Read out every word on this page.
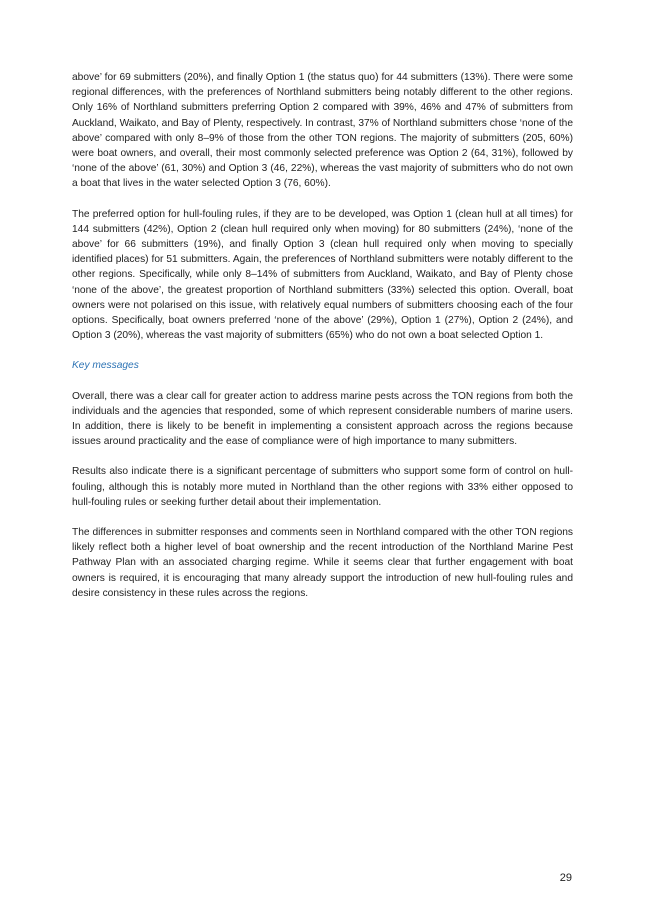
above’ for 69 submitters (20%), and finally Option 1 (the status quo) for 44 submitters (13%). There were some regional differences, with the preferences of Northland submitters being notably different to the other regions. Only 16% of Northland submitters preferring Option 2 compared with 39%, 46% and 47% of submitters from Auckland, Waikato, and Bay of Plenty, respectively. In contrast, 37% of Northland submitters chose ‘none of the above’ compared with only 8–9% of those from the other TON regions. The majority of submitters (205, 60%) were boat owners, and overall, their most commonly selected preference was Option 2 (64, 31%), followed by ‘none of the above’ (61, 30%) and Option 3 (46, 22%), whereas the vast majority of submitters who do not own a boat that lives in the water selected Option 3 (76, 60%).

The preferred option for hull-fouling rules, if they are to be developed, was Option 1 (clean hull at all times) for 144 submitters (42%), Option 2 (clean hull required only when moving) for 80 submitters (24%), ‘none of the above’ for 66 submitters (19%), and finally Option 3 (clean hull required only when moving to specially identified places) for 51 submitters. Again, the preferences of Northland submitters were notably different to the other regions. Specifically, while only 8–14% of submitters from Auckland, Waikato, and Bay of Plenty chose ‘none of the above’, the greatest proportion of Northland submitters (33%) selected this option. Overall, boat owners were not polarised on this issue, with relatively equal numbers of submitters choosing each of the four options. Specifically, boat owners preferred ‘none of the above’ (29%), Option 1 (27%), Option 2 (24%), and Option 3 (20%), whereas the vast majority of submitters (65%) who do not own a boat selected Option 1.

Key messages

Overall, there was a clear call for greater action to address marine pests across the TON regions from both the individuals and the agencies that responded, some of which represent considerable numbers of marine users. In addition, there is likely to be benefit in implementing a consistent approach across the regions because issues around practicality and the ease of compliance were of high importance to many submitters.

Results also indicate there is a significant percentage of submitters who support some form of control on hull-fouling, although this is notably more muted in Northland than the other regions with 33% either opposed to hull-fouling rules or seeking further detail about their implementation.

The differences in submitter responses and comments seen in Northland compared with the other TON regions likely reflect both a higher level of boat ownership and the recent introduction of the Northland Marine Pest Pathway Plan with an associated charging regime. While it seems clear that further engagement with boat owners is required, it is encouraging that many already support the introduction of new hull-fouling rules and desire consistency in these rules across the regions.

29
